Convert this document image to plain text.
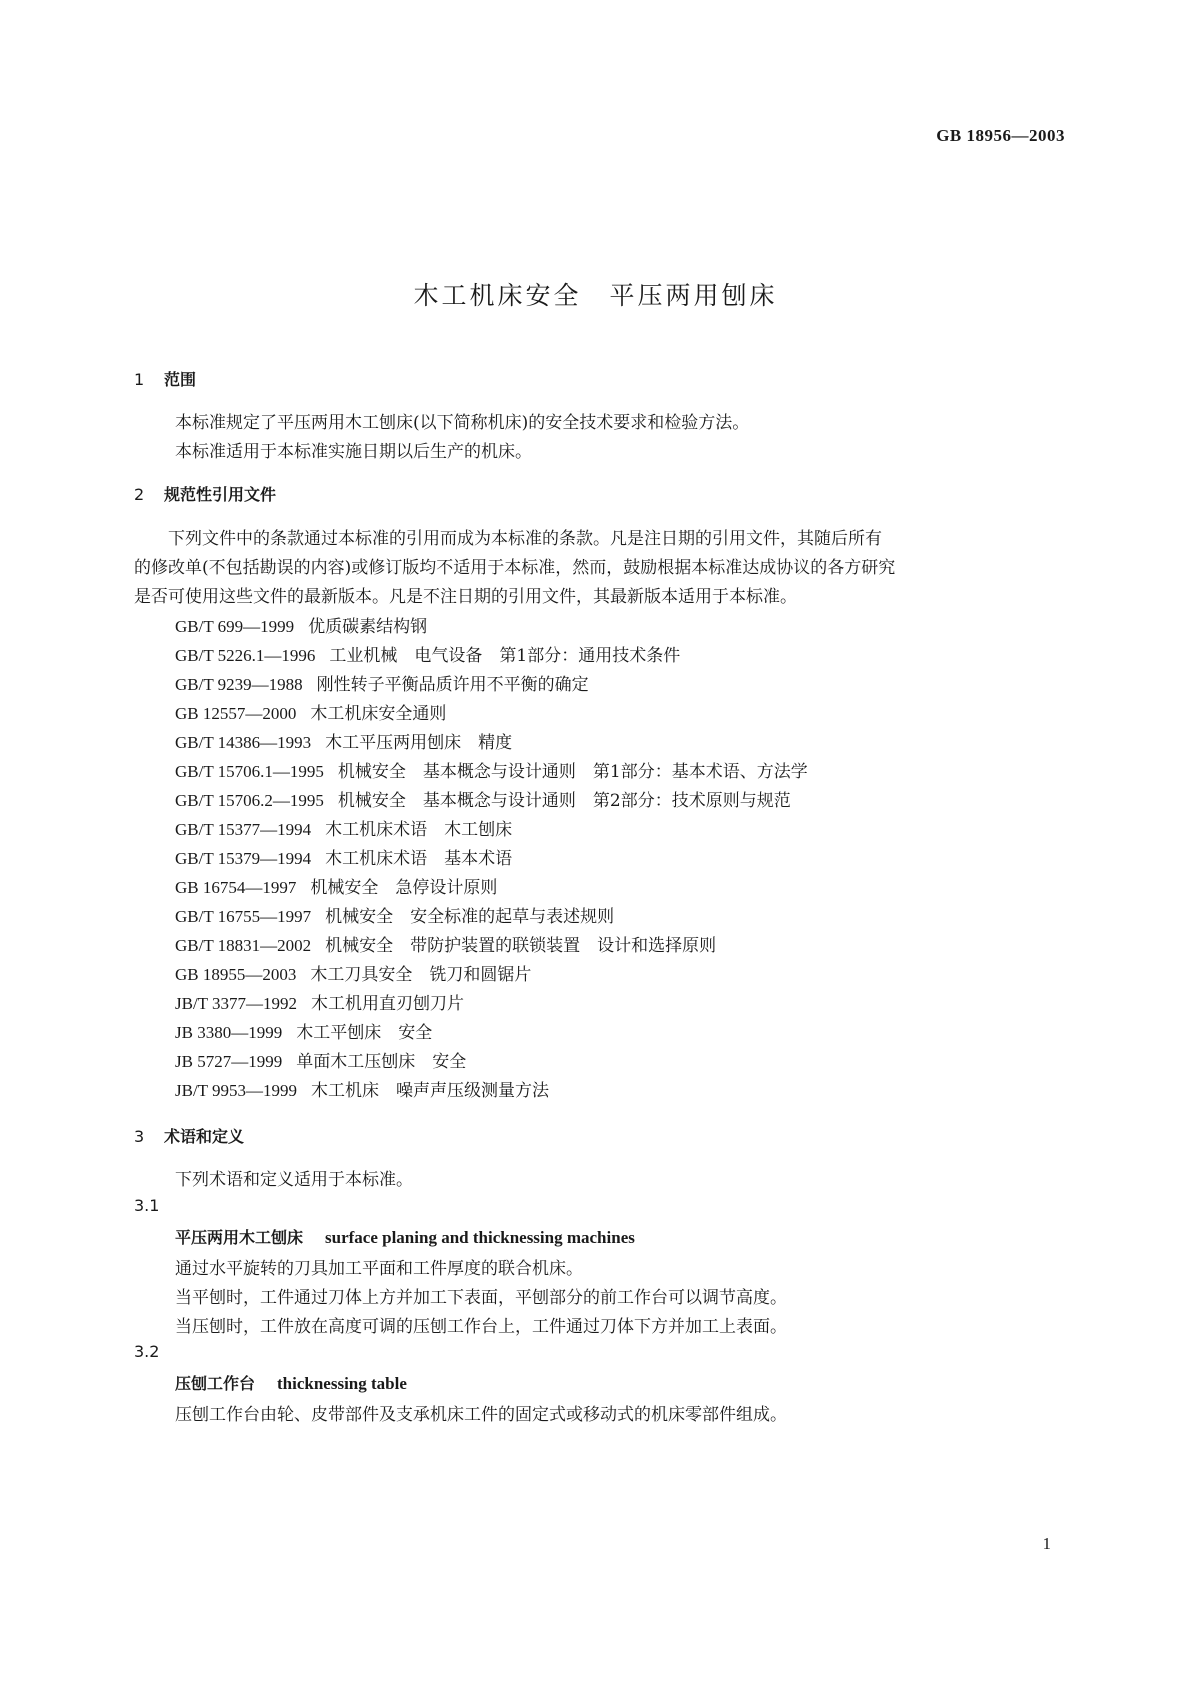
GB 18956—2003
木工机床安全　平压两用刨床
1 范围
本标准规定了平压两用木工刨床(以下简称机床)的安全技术要求和检验方法。
本标准适用于本标准实施日期以后生产的机床。
2 规范性引用文件
　　下列文件中的条款通过本标准的引用而成为本标准的条款。凡是注日期的引用文件，其随后所有
的修改单(不包括勘误的内容)或修订版均不适用于本标准，然而，鼓励根据本标准达成协议的各方研究
是否可使用这些文件的最新版本。凡是不注日期的引用文件，其最新版本适用于本标准。
GB/T 699—1999 优质碳素结构钢
GB/T 5226.1—1996 工业机械　电气设备　第1部分：通用技术条件
GB/T 9239—1988 刚性转子平衡品质许用不平衡的确定
GB 12557—2000 木工机床安全通则
GB/T 14386—1993 木工平压两用刨床　精度
GB/T 15706.1—1995 机械安全　基本概念与设计通则　第1部分：基本术语、方法学
GB/T 15706.2—1995 机械安全　基本概念与设计通则　第2部分：技术原则与规范
GB/T 15377—1994 木工机床术语　木工刨床
GB/T 15379—1994 木工机床术语　基本术语
GB 16754—1997 机械安全　急停设计原则
GB/T 16755—1997 机械安全　安全标准的起草与表述规则
GB/T 18831—2002 机械安全　带防护装置的联锁装置　设计和选择原则
GB 18955—2003 木工刀具安全　铣刀和圆锯片
JB/T 3377—1992 木工机用直刃刨刀片
JB 3380—1999 木工平刨床　安全
JB 5727—1999 单面木工压刨床　安全
JB/T 9953—1999 木工机床　噪声声压级测量方法
3 术语和定义
下列术语和定义适用于本标准。
3.1
平压两用木工刨床 surface planing and thicknessing machines
通过水平旋转的刀具加工平面和工件厚度的联合机床。
当平刨时，工件通过刀体上方并加工下表面，平刨部分的前工作台可以调节高度。
当压刨时，工件放在高度可调的压刨工作台上，工件通过刀体下方并加工上表面。
3.2
压刨工作台 thicknessing table
压刨工作台由轮、皮带部件及支承机床工件的固定式或移动式的机床零部件组成。
1
